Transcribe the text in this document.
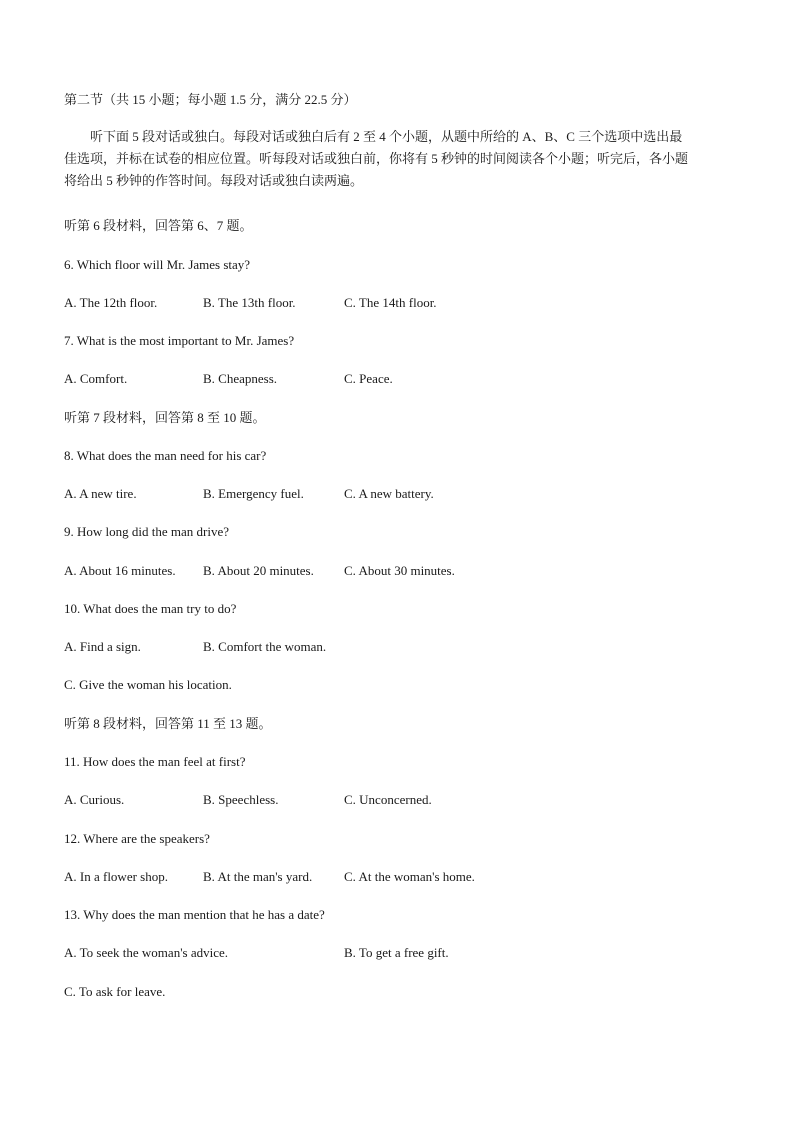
第二节（共 15 小题；每小题 1.5 分，满分 22.5 分）
听下面 5 段对话或独白。每段对话或独白后有 2 至 4 个小题，从题中所给的 A、B、C 三个选项中选出最
佳选项，并标在试卷的相应位置。听每段对话或独白前，你将有 5 秒钟的时间阅读各个小题；听完后，各小题
将给出 5 秒钟的作答时间。每段对话或独白读两遍。
听第 6 段材料，回答第 6、7 题。
6. Which floor will Mr. James stay?
A. The 12th floor.	B. The 13th floor.	C. The 14th floor.
7. What is the most important to Mr. James?
A. Comfort.	B. Cheapness.	C. Peace.
听第 7 段材料，回答第 8 至 10 题。
8. What does the man need for his car?
A. A new tire.	B. Emergency fuel.	C. A new battery.
9. How long did the man drive?
A. About 16 minutes. B. About 20 minutes. C. About 30 minutes.
10. What does the man try to do?
A. Find a sign.	B. Comfort the woman.
C. Give the woman his location.
听第 8 段材料，回答第 11 至 13 题。
11. How does the man feel at first?
A. Curious.	B. Speechless.	C. Unconcerned.
12. Where are the speakers?
A. In a flower shop.	B. At the man's yard. C. At the woman's home.
13. Why does the man mention that he has a date?
A. To seek the woman's advice.	B. To get a free gift.
C. To ask for leave.
